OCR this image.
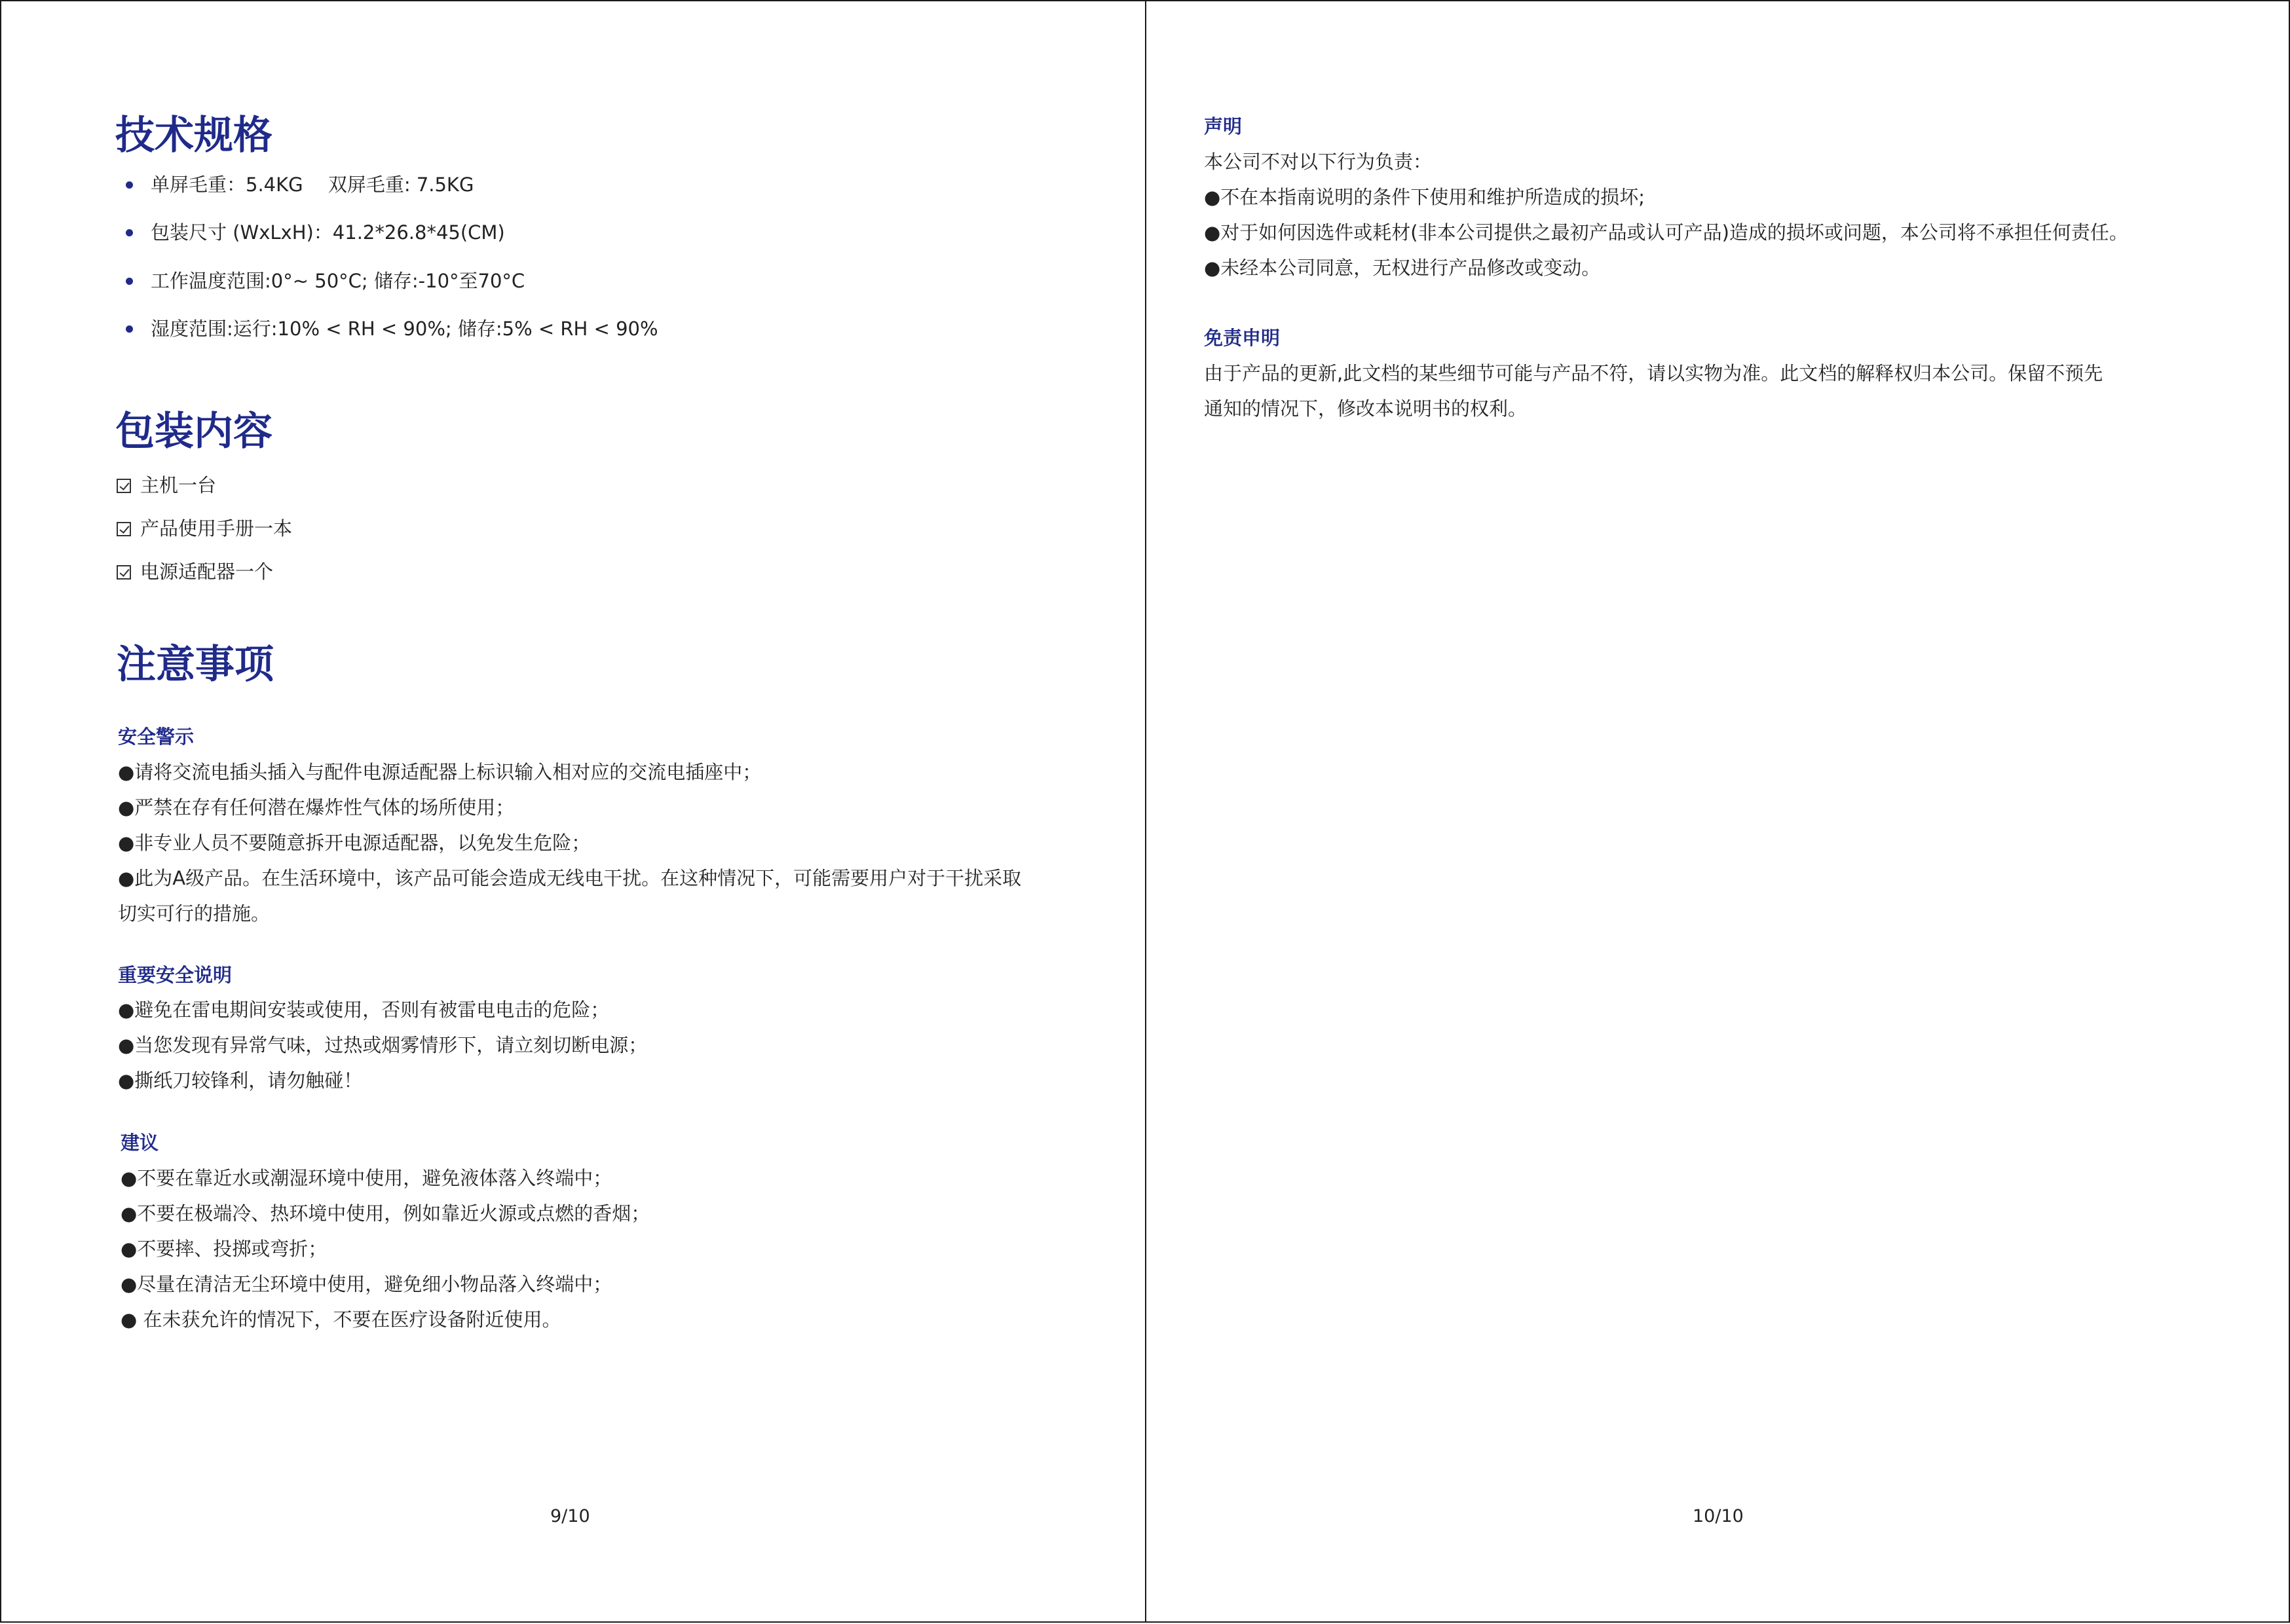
技术规格
单屏毛重：5.4KG　 双屏毛重: 7.5KG
包装尺寸 (WxLxH)：41.2*26.8*45(CM)
工作温度范围:0°~ 50°C; 储存:-10°至70°C
湿度范围:运行:10% < RH < 90%; 储存:5% < RH < 90%
包装内容
主机一台
产品使用手册一本
电源适配器一个
注意事项
安全警示
●请将交流电插头插入与配件电源适配器上标识输入相对应的交流电插座中；
●严禁在存有任何潜在爆炸性气体的场所使用；
●非专业人员不要随意拆开电源适配器，以免发生危险；
●此为A级产品。在生活环境中，该产品可能会造成无线电干扰。在这种情况下，可能需要用户对于干扰采取
切实可行的措施。
重要安全说明
●避免在雷电期间安装或使用，否则有被雷电电击的危险；
●当您发现有异常气味，过热或烟雾情形下，请立刻切断电源；
●撕纸刀较锋利，请勿触碰！
建议
●不要在靠近水或潮湿环境中使用，避免液体落入终端中；
●不要在极端冷、热环境中使用，例如靠近火源或点燃的香烟；
●不要摔、投掷或弯折；
●尽量在清洁无尘环境中使用，避免细小物品落入终端中；
● 在未获允许的情况下，不要在医疗设备附近使用。
9/10
声明
本公司不对以下行为负责：
●不在本指南说明的条件下使用和维护所造成的损坏;
●对于如何因选件或耗材(非本公司提供之最初产品或认可产品)造成的损坏或问题，本公司将不承担任何责任。
●未经本公司同意，无权进行产品修改或变动。
免责申明
由于产品的更新,此文档的某些细节可能与产品不符，请以实物为准。此文档的解释权归本公司。保留不预先
通知的情况下，修改本说明书的权利。
10/10
